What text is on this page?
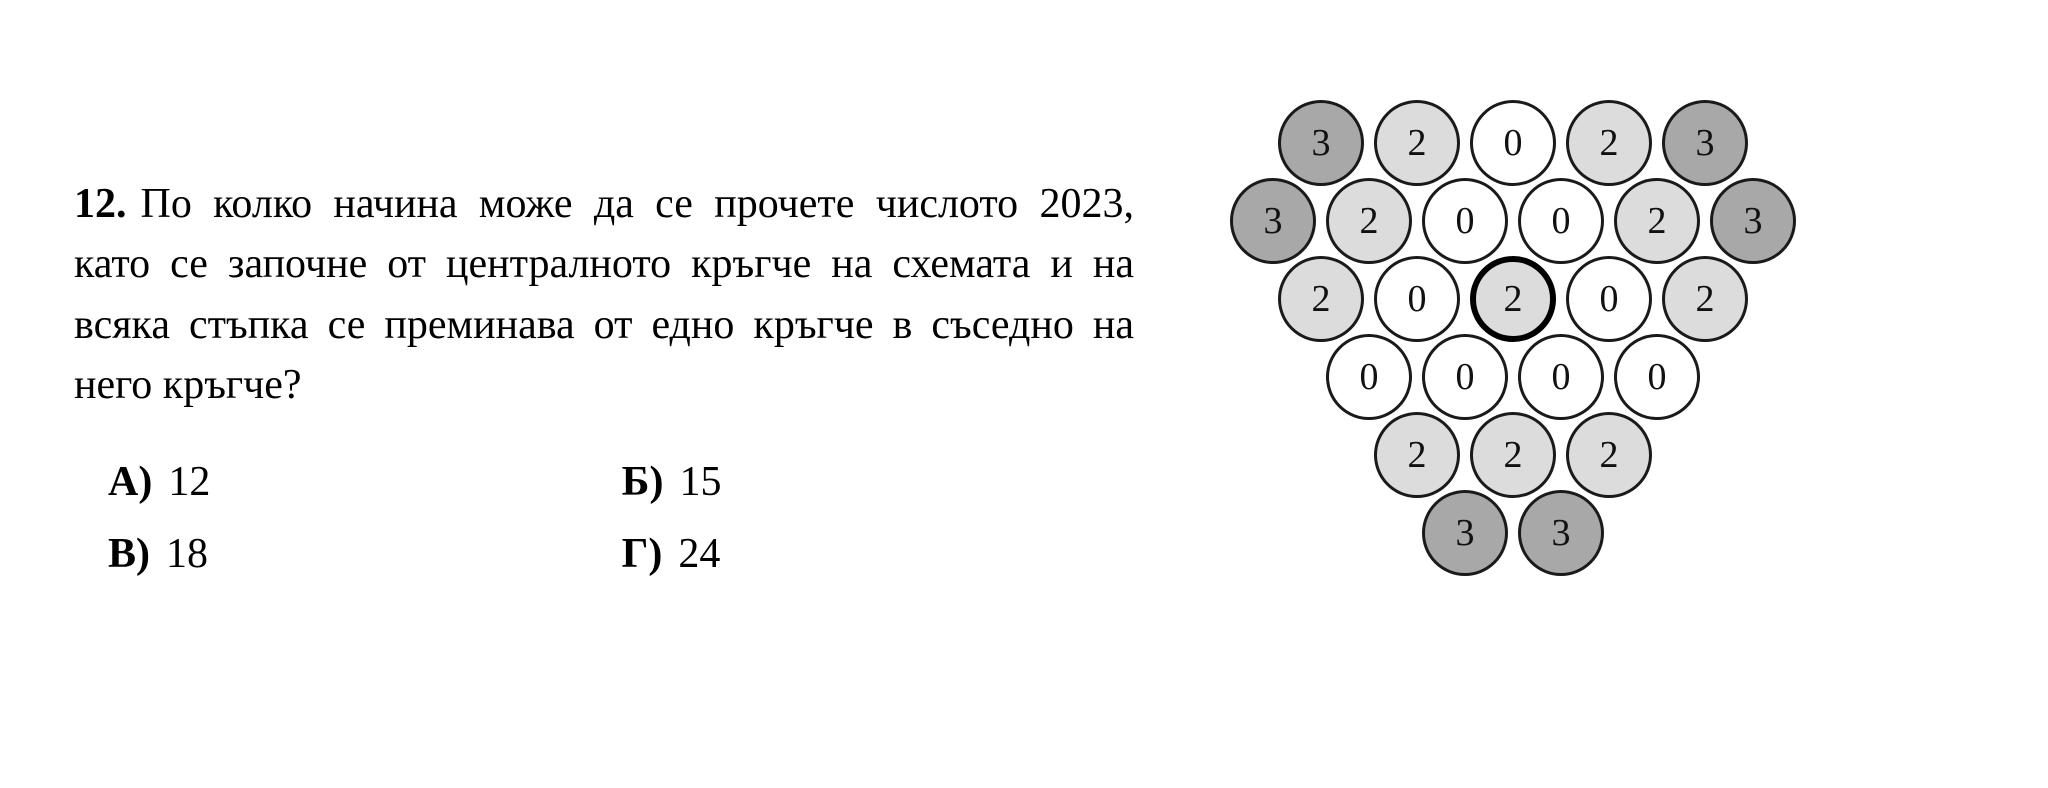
12. По колко начина може да се прочете числото 2023, като се започне от централното кръгче на схемата и на всяка стъпка се преминава от едно кръгче в съседно на него кръгче?

А) 12	Б) 15
В) 18	Г) 24
3	2	0	2	3
3	2	0	0	2	3
2	0	2	0	2
0	0	0	0
2	2	2
3	3
